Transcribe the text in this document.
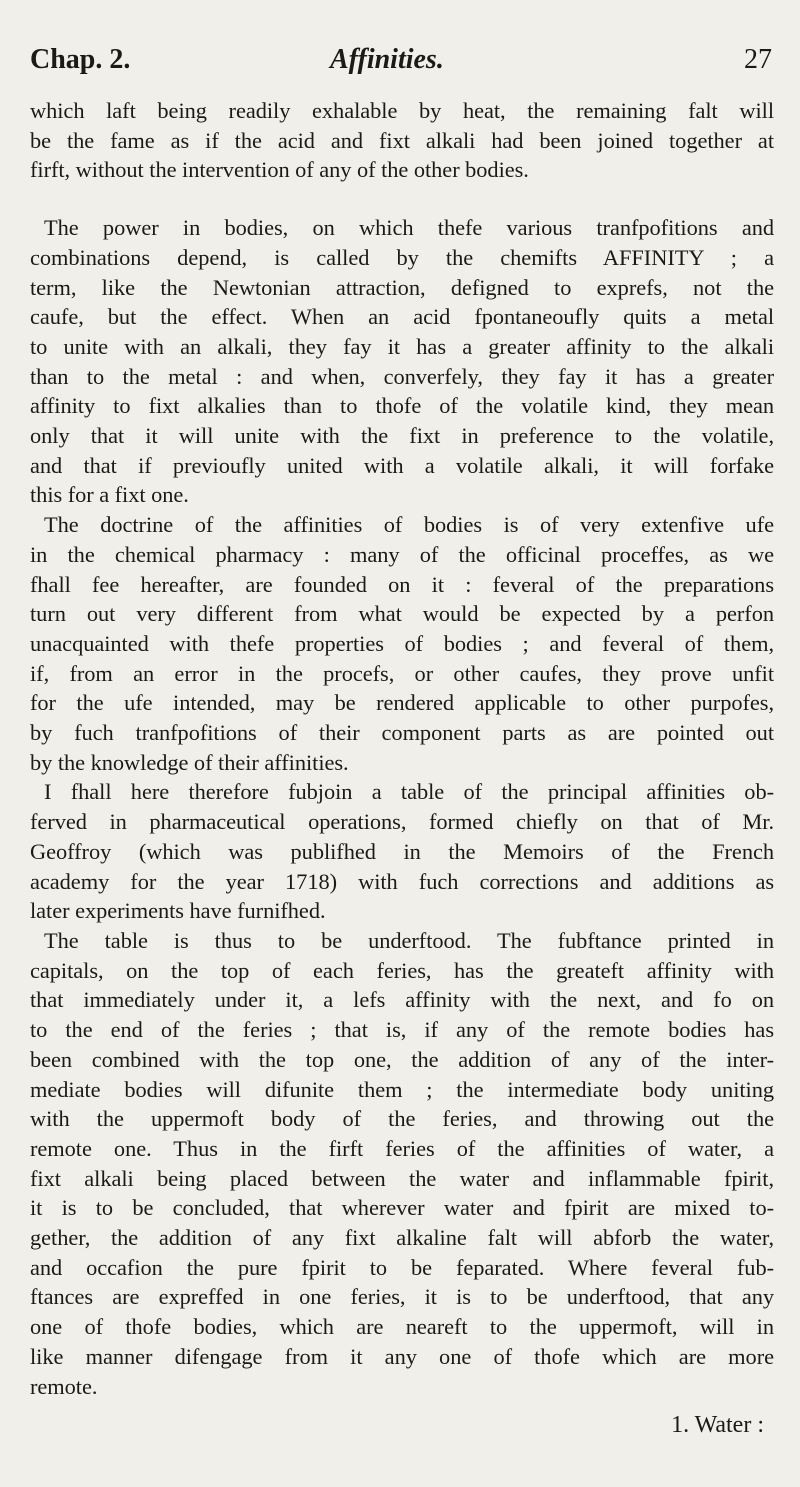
Chap. 2.	Affinities.	27

which laft being readily exhalable by heat, the remaining falt will
be the fame as if the acid and fixt alkali had been joined together at
firft, without the intervention of any of the other bodies.

The power in bodies, on which thefe various tranfpofitions and
combinations depend, is called by the chemifts AFFINITY ; a
term, like the Newtonian attraction, defigned to exprefs, not the
caufe, but the effect. When an acid fpontaneoufly quits a metal
to unite with an alkali, they fay it has a greater affinity to the alkali
than to the metal : and when, converfely, they fay it has a greater
affinity to fixt alkalies than to thofe of the volatile kind, they mean
only that it will unite with the fixt in preference to the volatile,
and that if previoufly united with a volatile alkali, it will forfake
this for a fixt one.

The doctrine of the affinities of bodies is of very extenfive ufe
in the chemical pharmacy : many of the officinal proceffes, as we
fhall fee hereafter, are founded on it : feveral of the preparations
turn out very different from what would be expected by a perfon
unacquainted with thefe properties of bodies ; and feveral of them,
if, from an error in the procefs, or other caufes, they prove unfit
for the ufe intended, may be rendered applicable to other purpofes,
by fuch tranfpofitions of their component parts as are pointed out
by the knowledge of their affinities.

I fhall here therefore fubjoin a table of the principal affinities ob-
ferved in pharmaceutical operations, formed chiefly on that of Mr.
Geoffroy (which was publifhed in the Memoirs of the French
academy for the year 1718) with fuch corrections and additions as
later experiments have furnifhed.

The table is thus to be underftood. The fubftance printed in
capitals, on the top of each feries, has the greateft affinity with
that immediately under it, a lefs affinity with the next, and fo on
to the end of the feries ; that is, if any of the remote bodies has
been combined with the top one, the addition of any of the inter-
mediate bodies will difunite them ; the intermediate body uniting
with the uppermoft body of the feries, and throwing out the
remote one. Thus in the firft feries of the affinities of water, a
fixt alkali being placed between the water and inflammable fpirit,
it is to be concluded, that wherever water and fpirit are mixed to-
gether, the addition of any fixt alkaline falt will abforb the water,
and occafion the pure fpirit to be feparated. Where feveral fub-
ftances are expreffed in one feries, it is to be underftood, that any
one of thofe bodies, which are neareft to the uppermoft, will in
like manner difengage from it any one of thofe which are more
remote.

1. Water :
